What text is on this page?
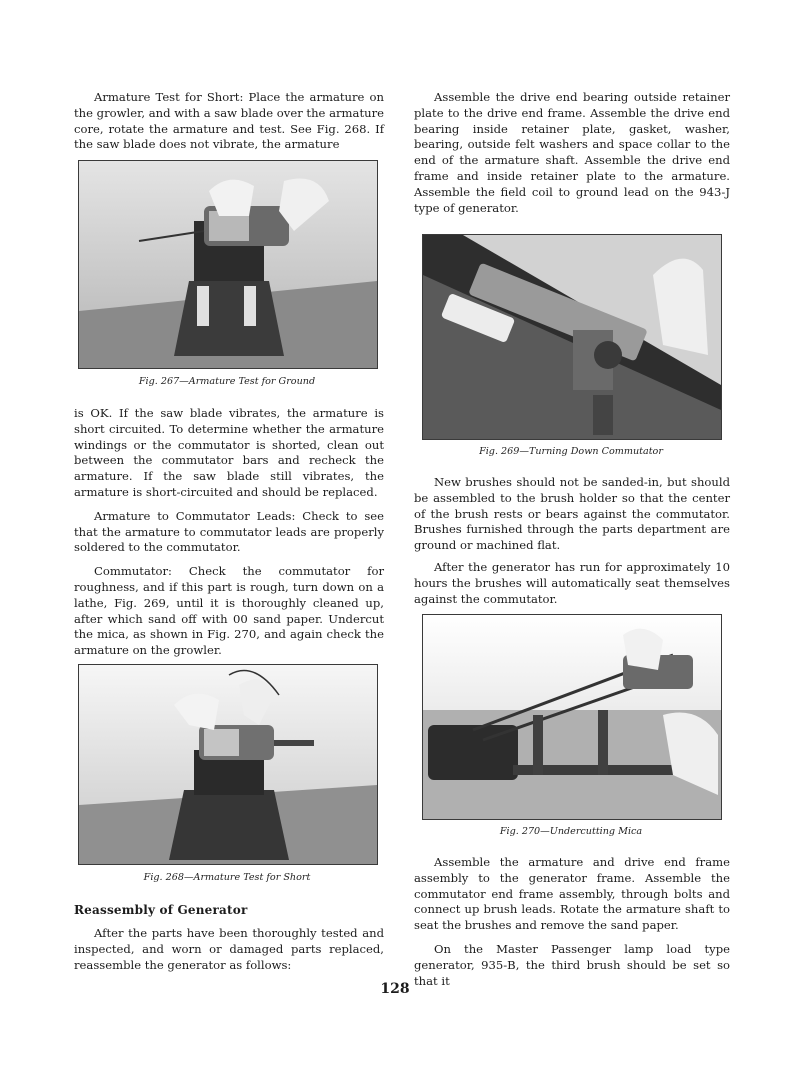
Armature Test for Short: Place the armature on the growler, and with a saw blade over the armature core, rotate the armature and test. See Fig. 268. If the saw blade does not vibrate, the armature

Fig. 267—Armature Test for Ground

is OK. If the saw blade vibrates, the armature is short circuited. To determine whether the armature windings or the commutator is shorted, clean out between the commutator bars and recheck the armature. If the saw blade still vibrates, the armature is short-circuited and should be replaced.

Armature to Commutator Leads: Check to see that the armature to commutator leads are properly soldered to the commutator.

Commutator: Check the commutator for roughness, and if this part is rough, turn down on a lathe, Fig. 269, until it is thoroughly cleaned up, after which sand off with 00 sand paper. Undercut the mica, as shown in Fig. 270, and again check the armature on the growler.

Fig. 268—Armature Test for Short
Reassembly of Generator

After the parts have been thoroughly tested and inspected, and worn or damaged parts replaced, reassemble the generator as follows:

Assemble the drive end bearing outside retainer plate to the drive end frame. Assemble the drive end bearing inside retainer plate, gasket, washer, bearing, outside felt washers and space collar to the end of the armature shaft. Assemble the drive end frame and inside retainer plate to the armature. Assemble the field coil to ground lead on the 943-J type of generator.

Fig. 269—Turning Down Commutator

New brushes should not be sanded-in, but should be assembled to the brush holder so that the center of the brush rests or bears against the commutator. Brushes furnished through the parts department are ground or machined flat.

After the generator has run for approximately 10 hours the brushes will automatically seat themselves against the commutator.

Fig. 270—Undercutting Mica

Assemble the armature and drive end frame assembly to the generator frame. Assemble the commutator end frame assembly, through bolts and connect up brush leads. Rotate the armature shaft to seat the brushes and remove the sand paper.

On the Master Passenger lamp load type generator, 935-B, the third brush should be set so that it

128
